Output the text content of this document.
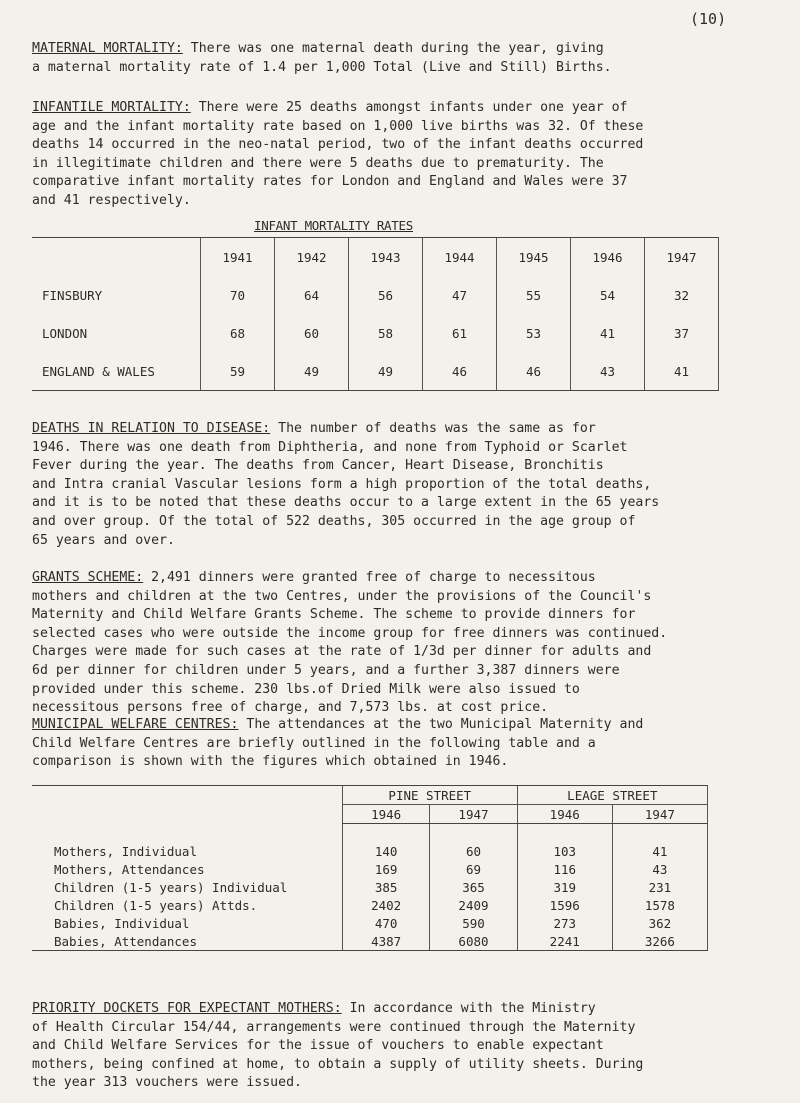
(10)
MATERNAL MORTALITY: There was one maternal death during the year, giving
a maternal mortality rate of 1.4 per 1,000 Total (Live and Still) Births.
INFANTILE MORTALITY: There were 25 deaths amongst infants under one year of
age and the infant mortality rate based on 1,000 live births was 32. Of these
deaths 14 occurred in the neo-natal period, two of the infant deaths occurred
in illegitimate children and there were 5 deaths due to prematurity. The
comparative infant mortality rates for London and England and Wales were 37
and 41 respectively.
INFANT MORTALITY RATES
	1941	1942	1943	1944	1945	1946	1947
FINSBURY	70	64	56	47	55	54	32
LONDON	68	60	58	61	53	41	37
ENGLAND & WALES	59	49	49	46	46	43	41
DEATHS IN RELATION TO DISEASE: The number of deaths was the same as for
1946. There was one death from Diphtheria, and none from Typhoid or Scarlet
Fever during the year. The deaths from Cancer, Heart Disease, Bronchitis
and Intra cranial Vascular lesions form a high proportion of the total deaths,
and it is to be noted that these deaths occur to a large extent in the 65 years
and over group. Of the total of 522 deaths, 305 occurred in the age group of
65 years and over.
GRANTS SCHEME: 2,491 dinners were granted free of charge to necessitous
mothers and children at the two Centres, under the provisions of the Council's
Maternity and Child Welfare Grants Scheme. The scheme to provide dinners for
selected cases who were outside the income group for free dinners was continued.
Charges were made for such cases at the rate of 1/3d per dinner for adults and
6d per dinner for children under 5 years, and a further 3,387 dinners were
provided under this scheme. 230 lbs.of Dried Milk were also issued to
necessitous persons free of charge, and 7,573 lbs. at cost price.
MUNICIPAL WELFARE CENTRES: The attendances at the two Municipal Maternity and
Child Welfare Centres are briefly outlined in the following table and a
comparison is shown with the figures which obtained in 1946.
	PINE STREET		LEAGE STREET	
	1946	1947	1946	1947

Mothers, Individual	140	60	103	41
Mothers, Attendances	169	69	116	43
Children (1-5 years) Individual	385	365	319	231
Children (1-5 years) Attds.	2402	2409	1596	1578
Babies, Individual	470	590	273	362
Babies, Attendances	4387	6080	2241	3266
PRIORITY DOCKETS FOR EXPECTANT MOTHERS: In accordance with the Ministry
of Health Circular 154/44, arrangements were continued through the Maternity
and Child Welfare Services for the issue of vouchers to enable expectant
mothers, being confined at home, to obtain a supply of utility sheets. During
the year 313 vouchers were issued.
